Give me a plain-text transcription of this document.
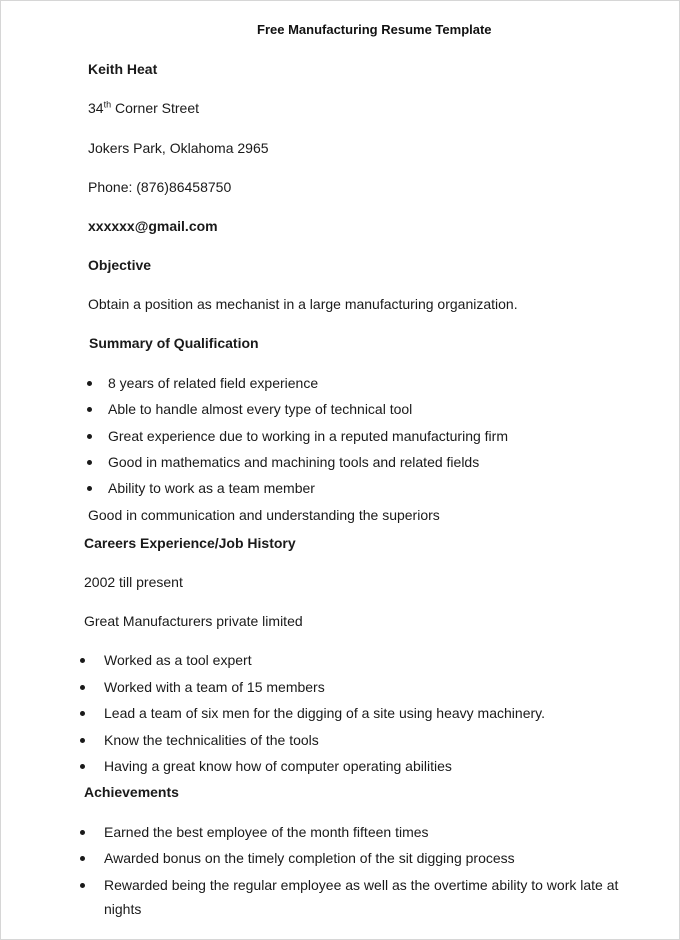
Free Manufacturing Resume Template
Keith Heat
34th Corner Street
Jokers Park, Oklahoma 2965
Phone: (876)86458750
xxxxxx@gmail.com
Objective
Obtain a position as mechanist in a large manufacturing organization.
Summary of Qualification
8 years of related field experience
Able to handle almost every type of technical tool
Great experience due to working in a reputed manufacturing firm
Good in mathematics and machining tools and related fields
Ability to work as a team member
Good in communication and understanding the superiors
Careers Experience/Job History
2002 till present
Great Manufacturers private limited
Worked as a tool expert
Worked with a team of 15 members
Lead a team of six men for the digging of a site using heavy machinery.
Know the technicalities of the tools
Having a great know how of computer operating abilities
Achievements
Earned the best employee of the month fifteen times
Awarded bonus on the timely completion of the sit digging process
Rewarded being the regular employee as well as the overtime ability to work late at
nights
